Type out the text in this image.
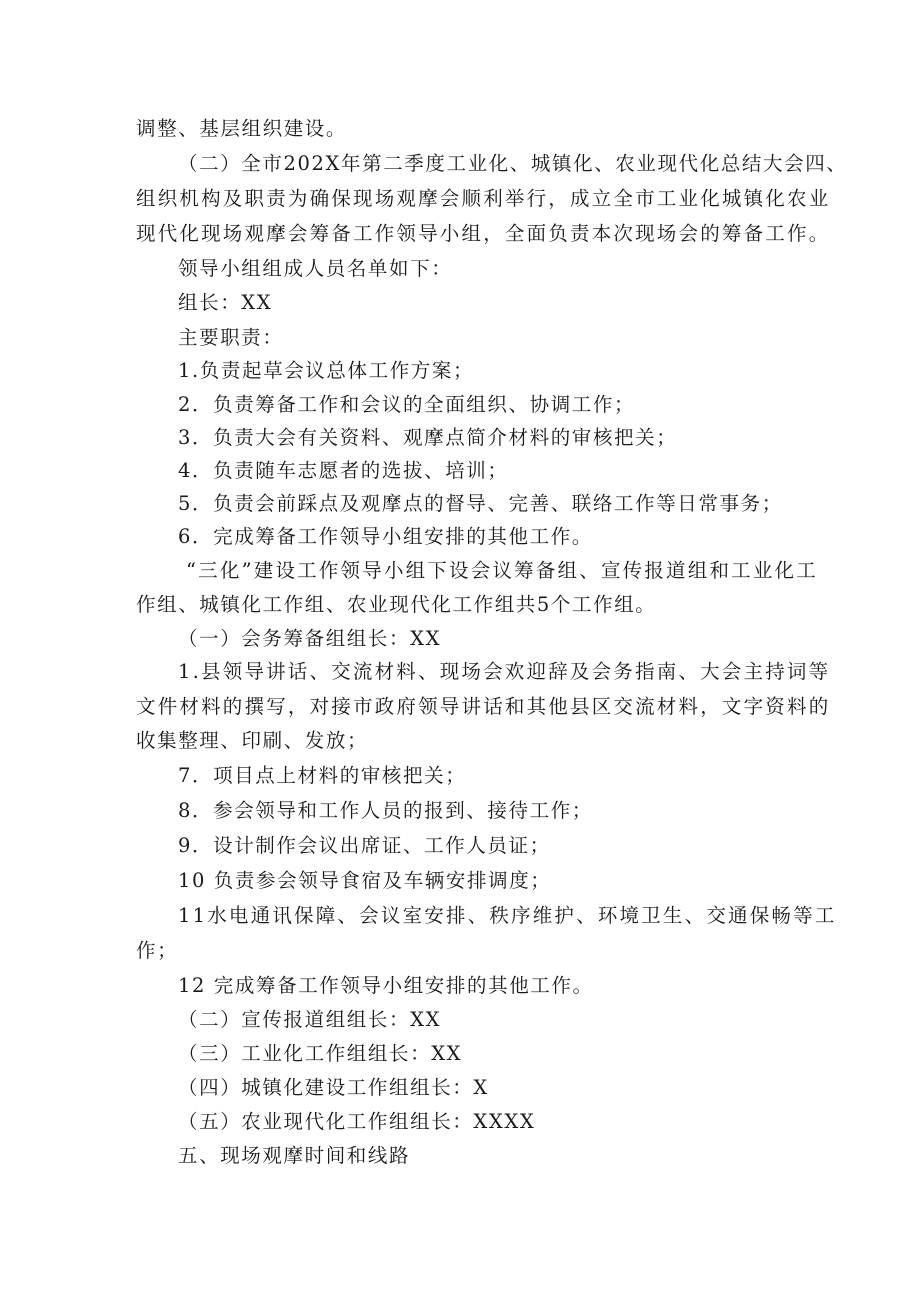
调整、基层组织建设。
（二）全市202X年第二季度工业化、城镇化、农业现代化总结大会四、
组织机构及职责为确保现场观摩会顺利举行，成立全市工业化城镇化农业
现代化现场观摩会筹备工作领导小组，全面负责本次现场会的筹备工作。
领导小组组成人员名单如下：
组长：XX
主要职责：
1.负责起草会议总体工作方案；
2．负责筹备工作和会议的全面组织、协调工作；
3．负责大会有关资料、观摩点简介材料的审核把关；
4．负责随车志愿者的选拔、培训；
5．负责会前踩点及观摩点的督导、完善、联络工作等日常事务；
6．完成筹备工作领导小组安排的其他工作。
“三化”建设工作领导小组下设会议筹备组、宣传报道组和工业化工
作组、城镇化工作组、农业现代化工作组共5个工作组。
（一）会务筹备组组长：XX
1.县领导讲话、交流材料、现场会欢迎辞及会务指南、大会主持词等
文件材料的撰写，对接市政府领导讲话和其他县区交流材料，文字资料的
收集整理、印刷、发放；
7．项目点上材料的审核把关；
8．参会领导和工作人员的报到、接待工作；
9．设计制作会议出席证、工作人员证；
10 负责参会领导食宿及车辆安排调度；
11水电通讯保障、会议室安排、秩序维护、环境卫生、交通保畅等工
作；
12 完成筹备工作领导小组安排的其他工作。
（二）宣传报道组组长：XX
（三）工业化工作组组长：XX
（四）城镇化建设工作组组长：X
（五）农业现代化工作组组长：XXXX
五、现场观摩时间和线路
